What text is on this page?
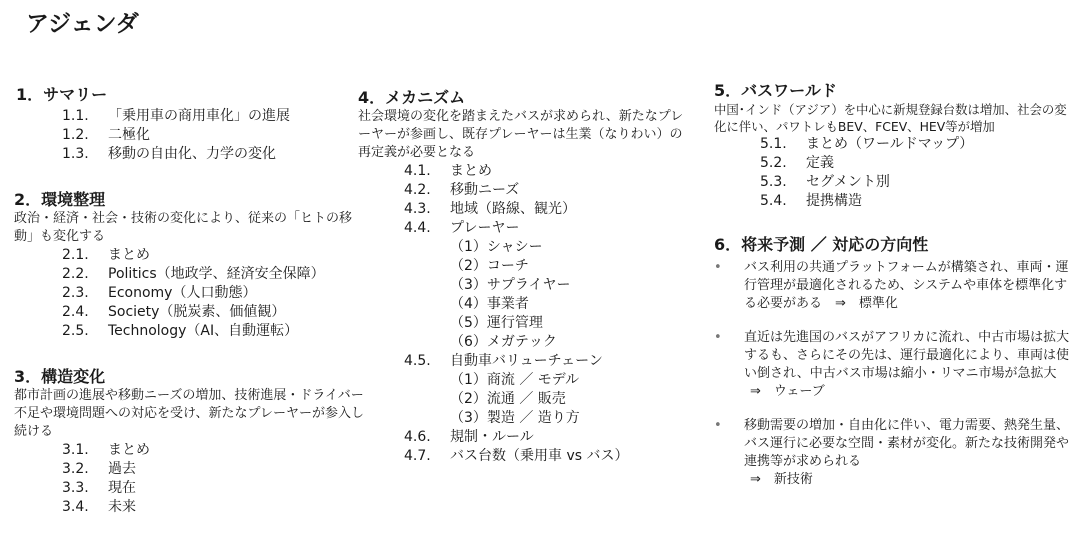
アジェンダ
1．サマリー
1.1.	「乗用車の商用車化」の進展
1.2.	二極化
1.3.	移動の自由化、力学の変化
2．環境整理
政治・経済・社会・技術の変化により、従来の「ヒトの移動」も変化する
2.1.	まとめ
2.2.	Politics（地政学、経済安全保障）
2.3.	Economy（人口動態）
2.4.	Society（脱炭素、価値観）
2.5.	Technology（AI、自動運転）
3．構造変化
都市計画の進展や移動ニーズの増加、技術進展・ドライバー不足や環境問題への対応を受け、新たなプレーヤーが参入し続ける
3.1.	まとめ
3.2.	過去
3.3.	現在
3.4.	未来
4．メカニズム
社会環境の変化を踏まえたバスが求められ、新たなプレーヤーが参画し、既存プレーヤーは生業（なりわい）の再定義が必要となる
4.1.	まとめ
4.2.	移動ニーズ
4.3.	地域（路線、観光）
4.4.	プレーヤー
（1）シャシー
（2）コーチ
（3）サプライヤー
（4）事業者
（5）運行管理
（6）メガテック
4.5.	自動車バリューチェーン
（1）商流 ／ モデル
（2）流通 ／ 販売
（3）製造 ／ 造り方
4.6.	規制・ルール
4.7.	バス台数（乗用車 vs バス）
5．バスワールド
中国･インド（アジア）を中心に新規登録台数は増加、社会の変化に伴い、パワトレもBEV、FCEV、HEV等が増加
5.1.	まとめ（ワールドマップ）
5.2.	定義
5.3.	セグメント別
5.4.	提携構造
6．将来予測 ／ 対応の方向性
•	バス利用の共通プラットフォームが構築され、車両・運行管理が最適化されるため、システムや車体を標準化する必要がある　⇒　標準化
•	直近は先進国のバスがアフリカに流れ、中古市場は拡大するも、さらにその先は、運行最適化により、車両は使い倒され、中古バス市場は縮小・リマニ市場が急拡大
⇒　ウェーブ
•	移動需要の増加・自由化に伴い、電力需要、熱発生量、バス運行に必要な空間・素材が変化。新たな技術開発や連携等が求められる
⇒　新技術
